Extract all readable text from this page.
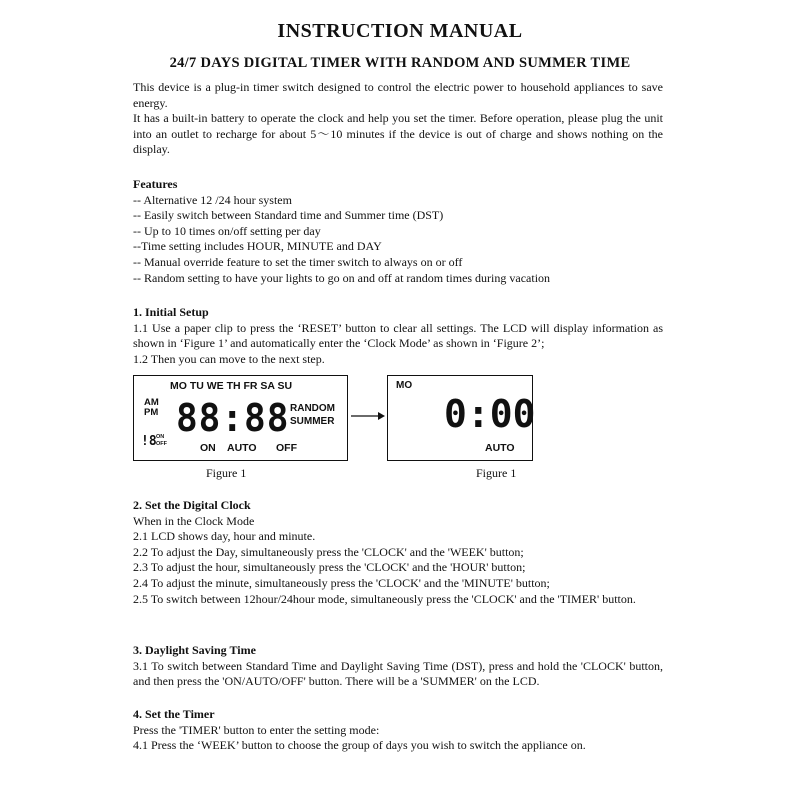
INSTRUCTION MANUAL
24/7 DAYS DIGITAL TIMER WITH RANDOM AND SUMMER TIME

This device is a plug-in timer switch designed to control the electric power to household appliances to save energy.

It has a built-in battery to operate the clock and help you set the timer. Before operation, please plug the unit into an outlet to recharge for about 5～10 minutes if the device is out of charge and shows nothing on the display.

Features

-- Alternative 12 /24 hour system

-- Easily switch between Standard time and Summer time (DST)

-- Up to 10 times on/off setting per day

--Time setting includes HOUR, MINUTE and DAY

-- Manual override feature to set the timer switch to always on or off

-- Random setting to have your lights to go on and off at random times during vacation

1. Initial Setup

1.1 Use a paper clip to press the ‘RESET’ button to clear all settings. The LCD will display information as shown in ‘Figure 1’ and automatically enter the ‘Clock Mode’ as shown in ‘Figure 2’;

1.2 Then you can move to the next step.

MO TU WE TH FR SA SU
AM
PM 88:88 RANDOM
SUMMER
!8 ON
OFF	ON AUTO OFF
MO
0:00
AUTO
Figure 1	Figure 1

2. Set the Digital Clock

When in the Clock Mode

2.1 LCD shows day, hour and minute.

2.2 To adjust the Day, simultaneously press the 'CLOCK' and the 'WEEK' button;

2.3 To adjust the hour, simultaneously press the 'CLOCK' and the 'HOUR' button;

2.4 To adjust the minute, simultaneously press the 'CLOCK' and the 'MINUTE' button;

2.5 To switch between 12hour/24hour mode, simultaneously press the 'CLOCK' and the 'TIMER' button.

3. Daylight Saving Time

3.1 To switch between Standard Time and Daylight Saving Time (DST), press and hold the 'CLOCK' button, and then press the 'ON/AUTO/OFF' button. There will be a 'SUMMER' on the LCD.

4. Set the Timer

Press the 'TIMER' button to enter the setting mode:

4.1 Press the ‘WEEK’ button to choose the group of days you wish to switch the appliance on.
